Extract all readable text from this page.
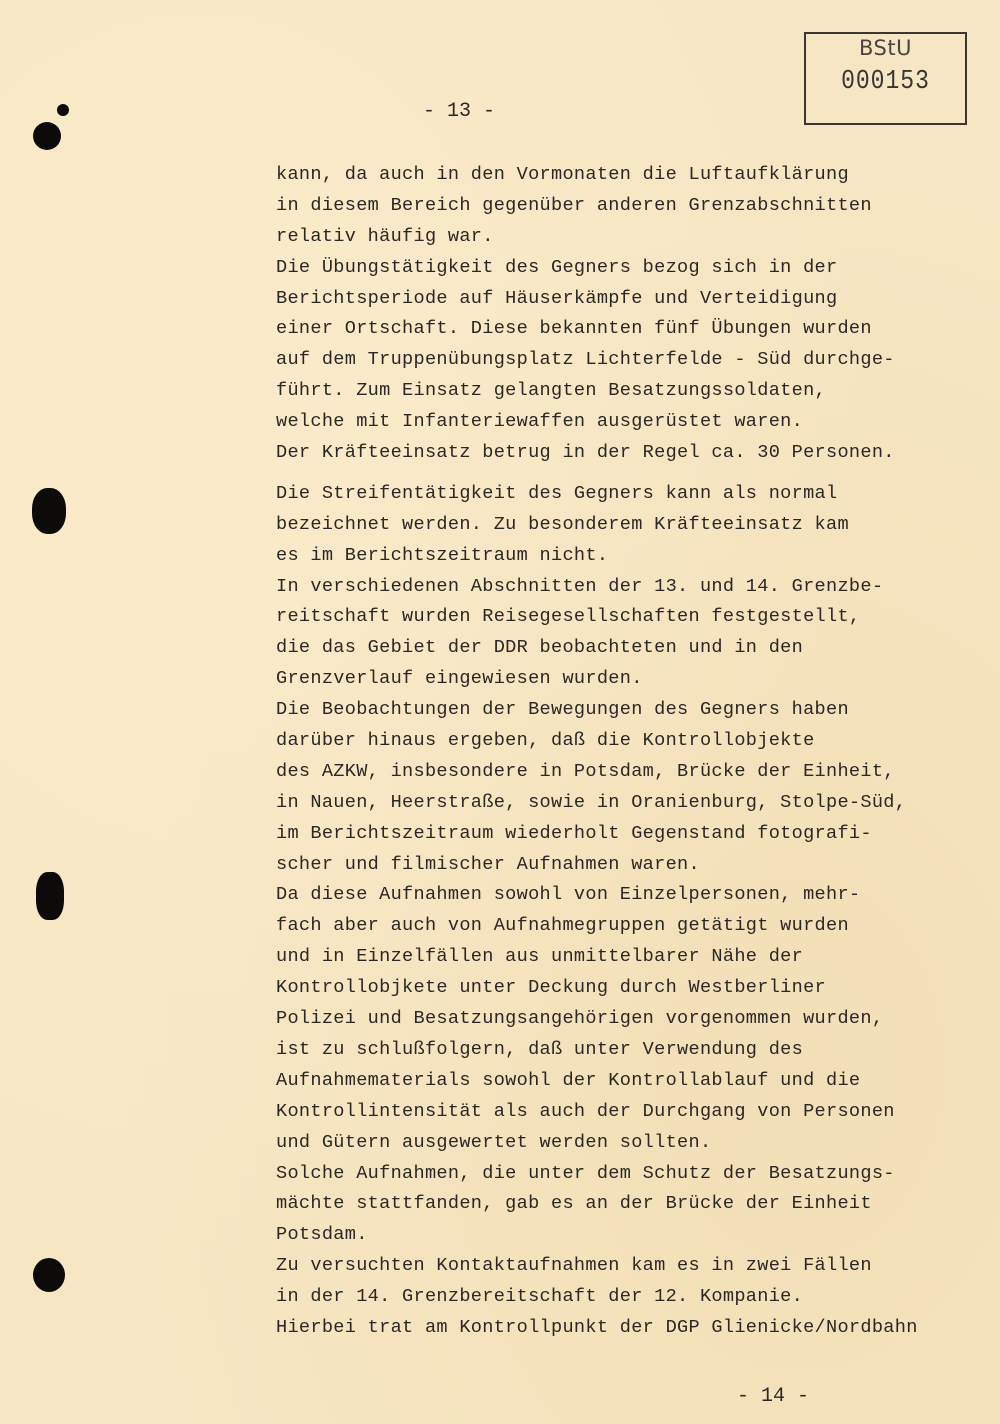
BStU
000153
- 13 -
kann, da auch in den Vormonaten die Luftaufklärung
in diesem Bereich gegenüber anderen Grenzabschnitten
relativ häufig war.
Die Übungstätigkeit des Gegners bezog sich in der
Berichtsperiode auf Häuserkämpfe und Verteidigung
einer Ortschaft. Diese bekannten fünf Übungen wurden
auf dem Truppenübungsplatz Lichterfelde - Süd durchge-
führt. Zum Einsatz gelangten Besatzungssoldaten,
welche mit Infanteriewaffen ausgerüstet waren.
Der Kräfteeinsatz betrug in der Regel ca. 30 Personen.
Die Streifentätigkeit des Gegners kann als normal
bezeichnet werden. Zu besonderem Kräfteeinsatz kam
es im Berichtszeitraum nicht.
In verschiedenen Abschnitten der 13. und 14. Grenzbe-
reitschaft wurden Reisegesellschaften festgestellt,
die das Gebiet der DDR beobachteten und in den
Grenzverlauf eingewiesen wurden.
Die Beobachtungen der Bewegungen des Gegners haben
darüber hinaus ergeben, daß die Kontrollobjekte
des AZKW, insbesondere in Potsdam, Brücke der Einheit,
in Nauen, Heerstraße, sowie in Oranienburg, Stolpe-Süd,
im Berichtszeitraum wiederholt Gegenstand fotografi-
scher und filmischer Aufnahmen waren.
Da diese Aufnahmen sowohl von Einzelpersonen, mehr-
fach aber auch von Aufnahmegruppen getätigt wurden
und in Einzelfällen aus unmittelbarer Nähe der
Kontrollobjkete unter Deckung durch Westberliner
Polizei und Besatzungsangehörigen vorgenommen wurden,
ist zu schlußfolgern, daß unter Verwendung des
Aufnahmematerials sowohl der Kontrollablauf und die
Kontrollintensität als auch der Durchgang von Personen
und Gütern ausgewertet werden sollten.
Solche Aufnahmen, die unter dem Schutz der Besatzungs-
mächte stattfanden, gab es an der Brücke der Einheit
Potsdam.
Zu versuchten Kontaktaufnahmen kam es in zwei Fällen
in der 14. Grenzbereitschaft der 12. Kompanie.
Hierbei trat am Kontrollpunkt der DGP Glienicke/Nordbahn
- 14 -
